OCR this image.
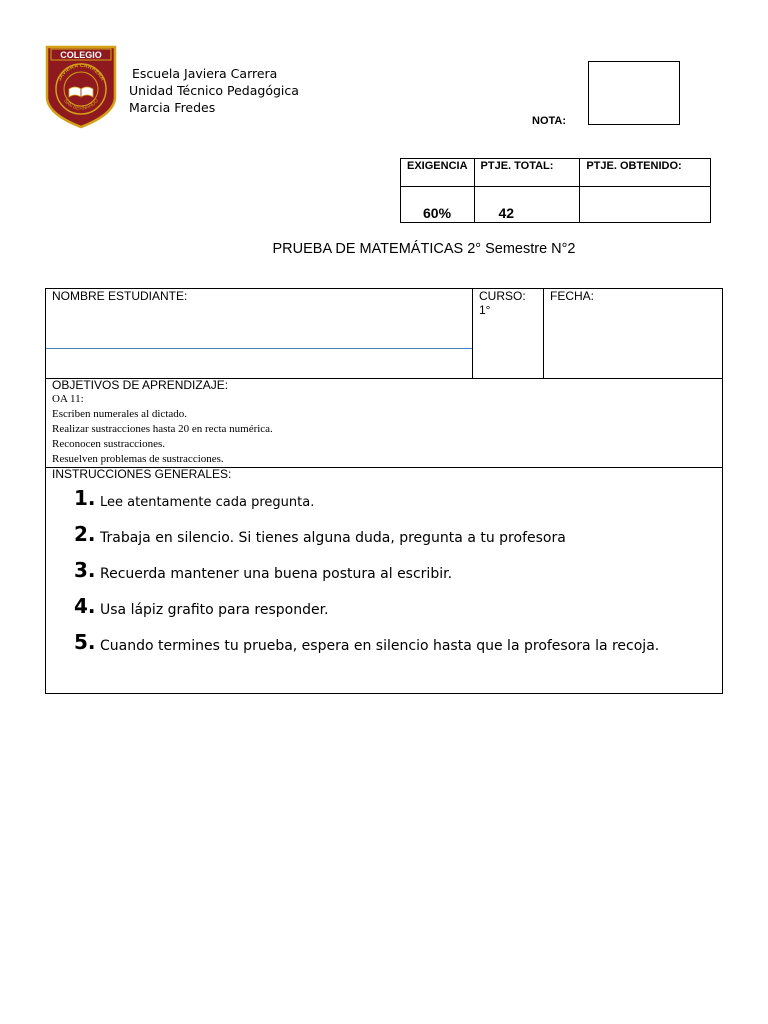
COLEGIO
JAVIERA CARRERA
SAN BERNARDO
Escuela Javiera Carrera
Unidad Técnico Pedagógica
Marcia Fredes
NOTA:
EXIGENCIA	PTJE. TOTAL:	PTJE. OBTENIDO:
60%	42	
PRUEBA DE MATEMÁTICAS 2° Semestre N°2
NOMBRE ESTUDIANTE:	CURSO:
1°
FECHA:
OBJETIVOS DE APRENDIZAJE:
OA 11:
Escriben numerales al dictado.
Realizar sustracciones hasta 20 en recta numérica.
Reconocen sustracciones.
Resuelven problemas de sustracciones.
INSTRUCCIONES GENERALES:
1. Lee atentamente cada pregunta.
2. Trabaja en silencio. Si tienes alguna duda, pregunta a tu profesora
3. Recuerda mantener una buena postura al escribir.
4. Usa lápiz grafito para responder.
5. Cuando termines tu prueba, espera en silencio hasta que la profesora la recoja.
